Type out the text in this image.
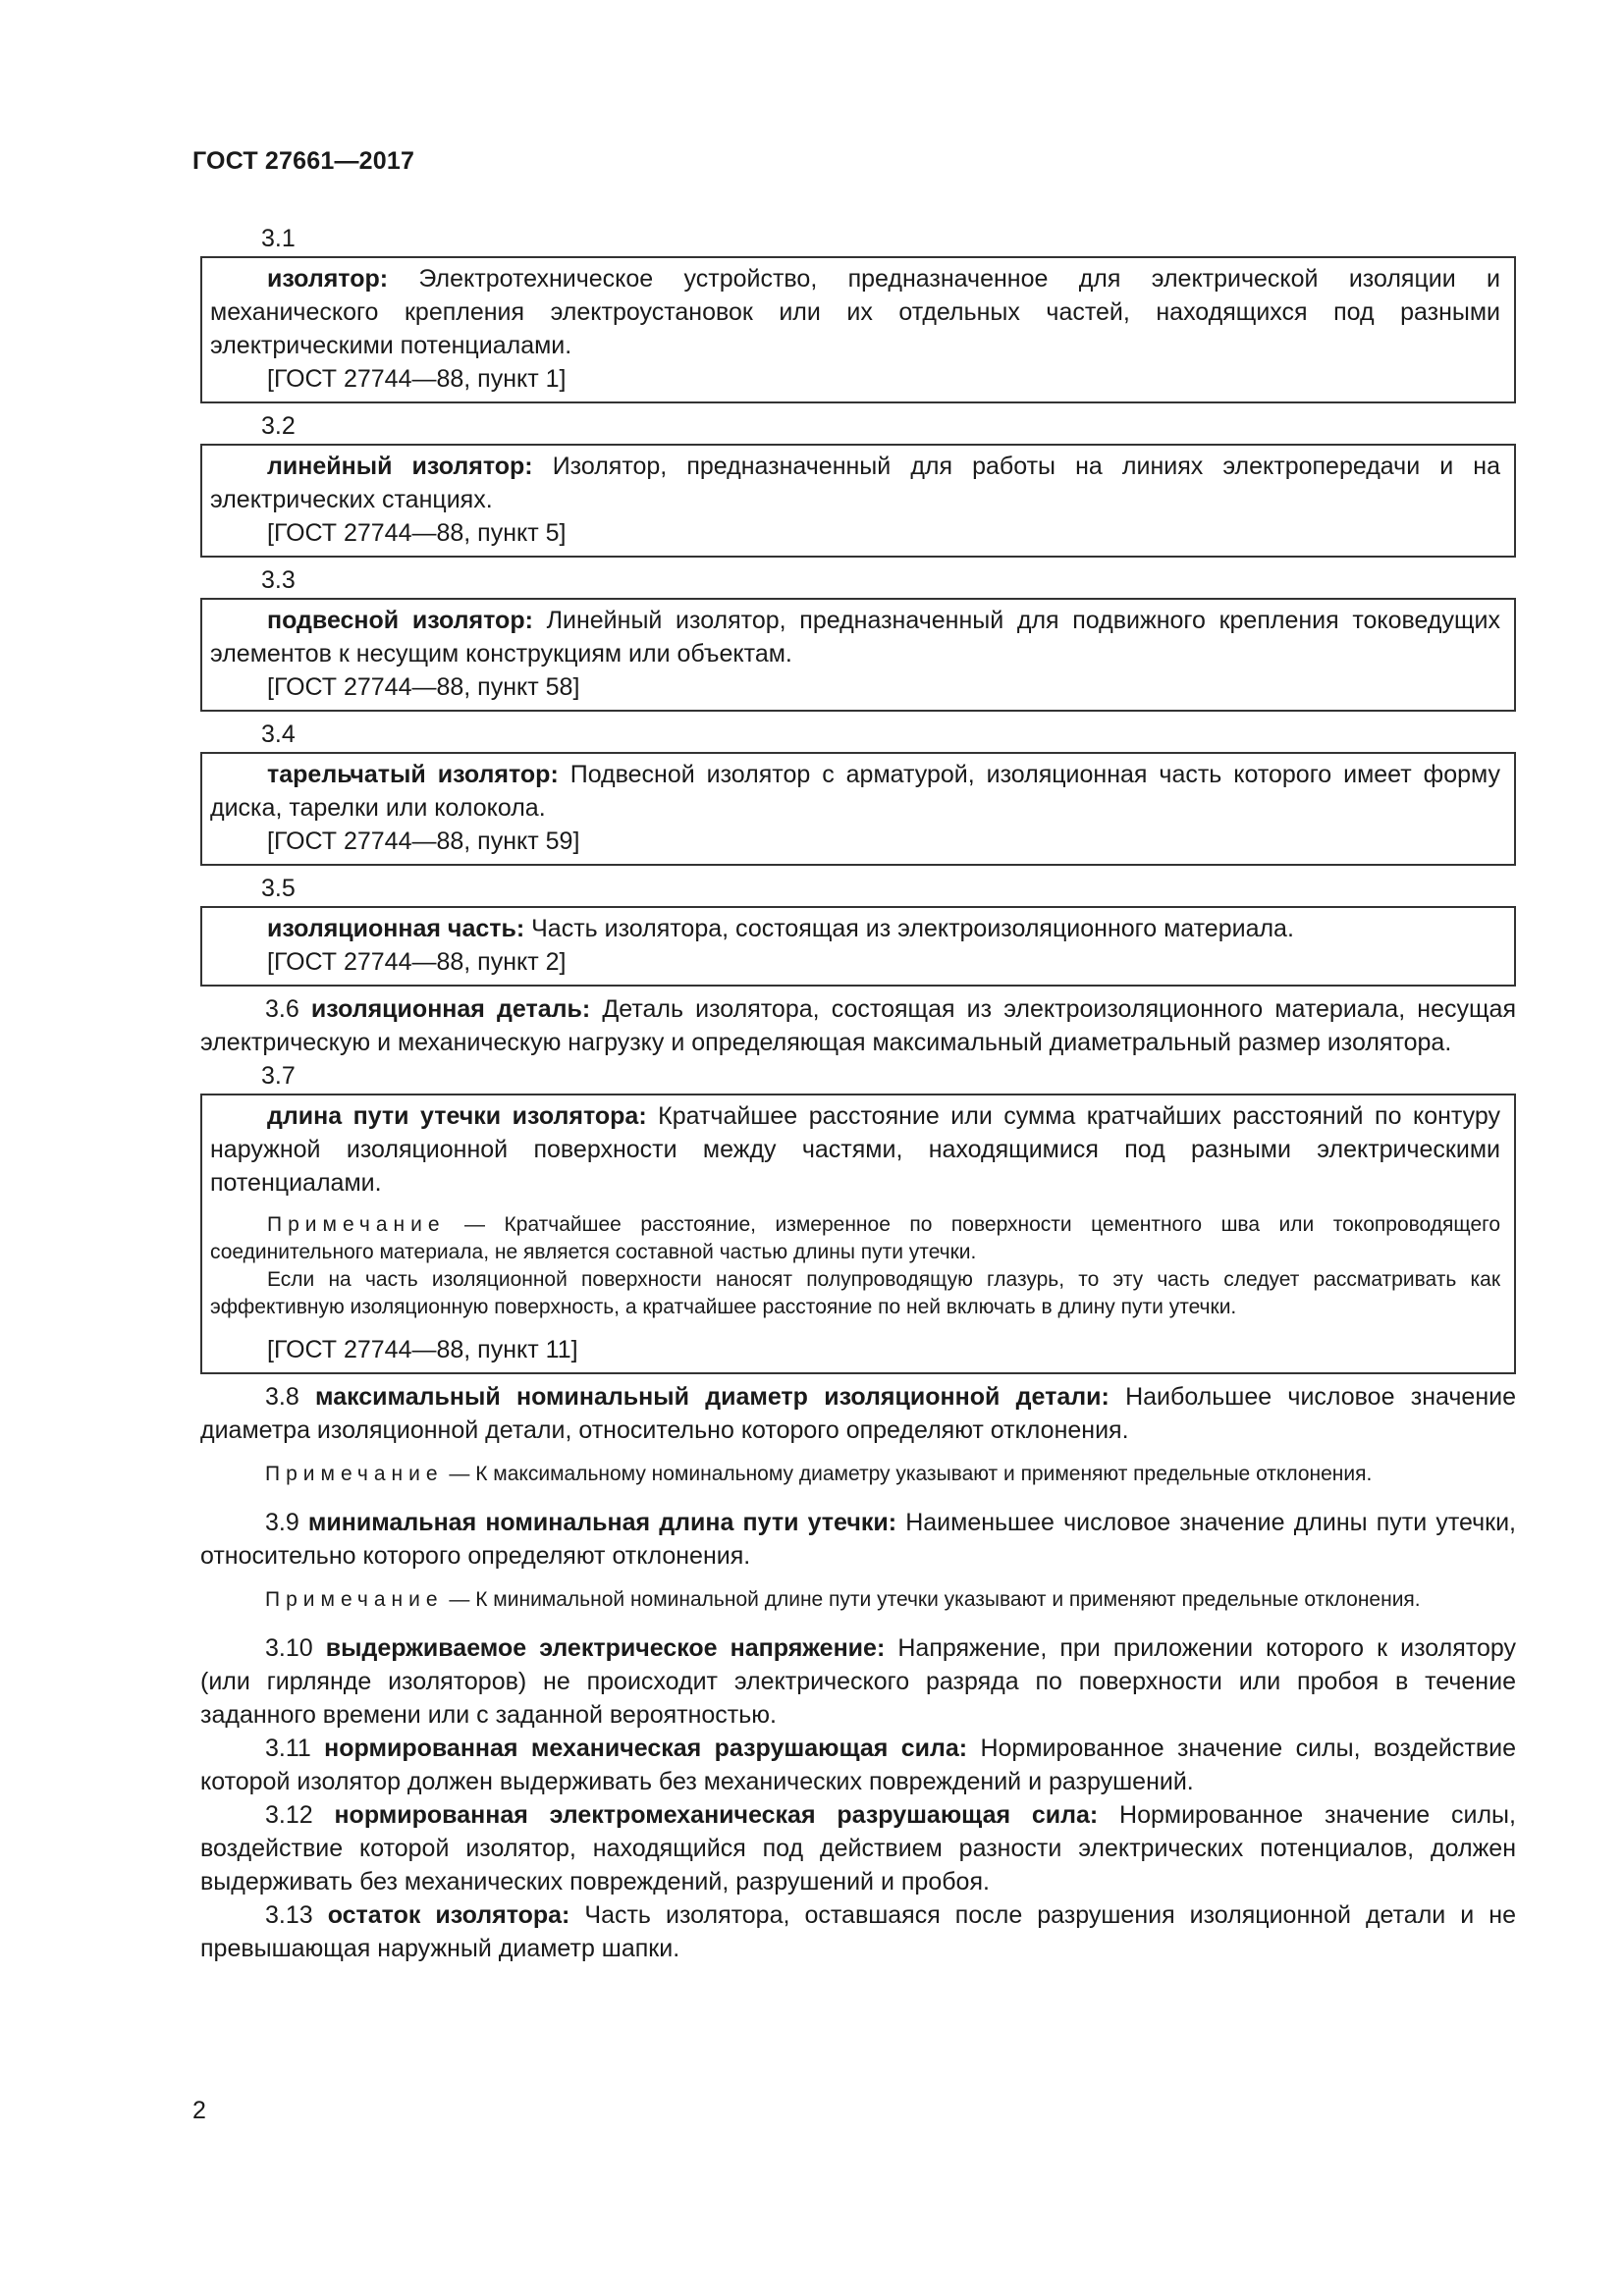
ГОСТ 27661—2017
3.1

изолятор: Электротехническое устройство, предназначенное для электрической изоляции и механического крепления электроустановок или их отдельных частей, находящихся под разными электрическими потенциалами.

[ГОСТ 27744—88, пункт 1]

3.2

линейный изолятор: Изолятор, предназначенный для работы на линиях электропередачи и на электрических станциях.

[ГОСТ 27744—88, пункт 5]

3.3

подвесной изолятор: Линейный изолятор, предназначенный для подвижного крепления токоведущих элементов к несущим конструкциям или объектам.

[ГОСТ 27744—88, пункт 58]

3.4

тарельчатый изолятор: Подвесной изолятор с арматурой, изоляционная часть которого имеет форму диска, тарелки или колокола.

[ГОСТ 27744—88, пункт 59]

3.5

изоляционная часть: Часть изолятора, состоящая из электроизоляционного материала.

[ГОСТ 27744—88, пункт 2]

3.6 изоляционная деталь: Деталь изолятора, состоящая из электроизоляционного материала, несущая электрическую и механическую нагрузку и определяющая максимальный диаметральный размер изолятора.

3.7

длина пути утечки изолятора: Кратчайшее расстояние или сумма кратчайших расстояний по контуру наружной изоляционной поверхности между частями, находящимися под разными электрическими потенциалами.

Примечание — Кратчайшее расстояние, измеренное по поверхности цементного шва или токопроводящего соединительного материала, не является составной частью длины пути утечки.

Если на часть изоляционной поверхности наносят полупроводящую глазурь, то эту часть следует рассматривать как эффективную изоляционную поверхность, а кратчайшее расстояние по ней включать в длину пути утечки.

[ГОСТ 27744—88, пункт 11]

3.8 максимальный номинальный диаметр изоляционной детали: Наибольшее числовое значение диаметра изоляционной детали, относительно которого определяют отклонения.

Примечание — К максимальному номинальному диаметру указывают и применяют предельные отклонения.

3.9 минимальная номинальная длина пути утечки: Наименьшее числовое значение длины пути утечки, относительно которого определяют отклонения.

Примечание — К минимальной номинальной длине пути утечки указывают и применяют предельные отклонения.

3.10 выдерживаемое электрическое напряжение: Напряжение, при приложении которого к изолятору (или гирлянде изоляторов) не происходит электрического разряда по поверхности или пробоя в течение заданного времени или с заданной вероятностью.

3.11 нормированная механическая разрушающая сила: Нормированное значение силы, воздействие которой изолятор должен выдерживать без механических повреждений и разрушений.

3.12 нормированная электромеханическая разрушающая сила: Нормированное значение силы, воздействие которой изолятор, находящийся под действием разности электрических потенциалов, должен выдерживать без механических повреждений, разрушений и пробоя.

3.13 остаток изолятора: Часть изолятора, оставшаяся после разрушения изоляционной детали и не превышающая наружный диаметр шапки.

2
